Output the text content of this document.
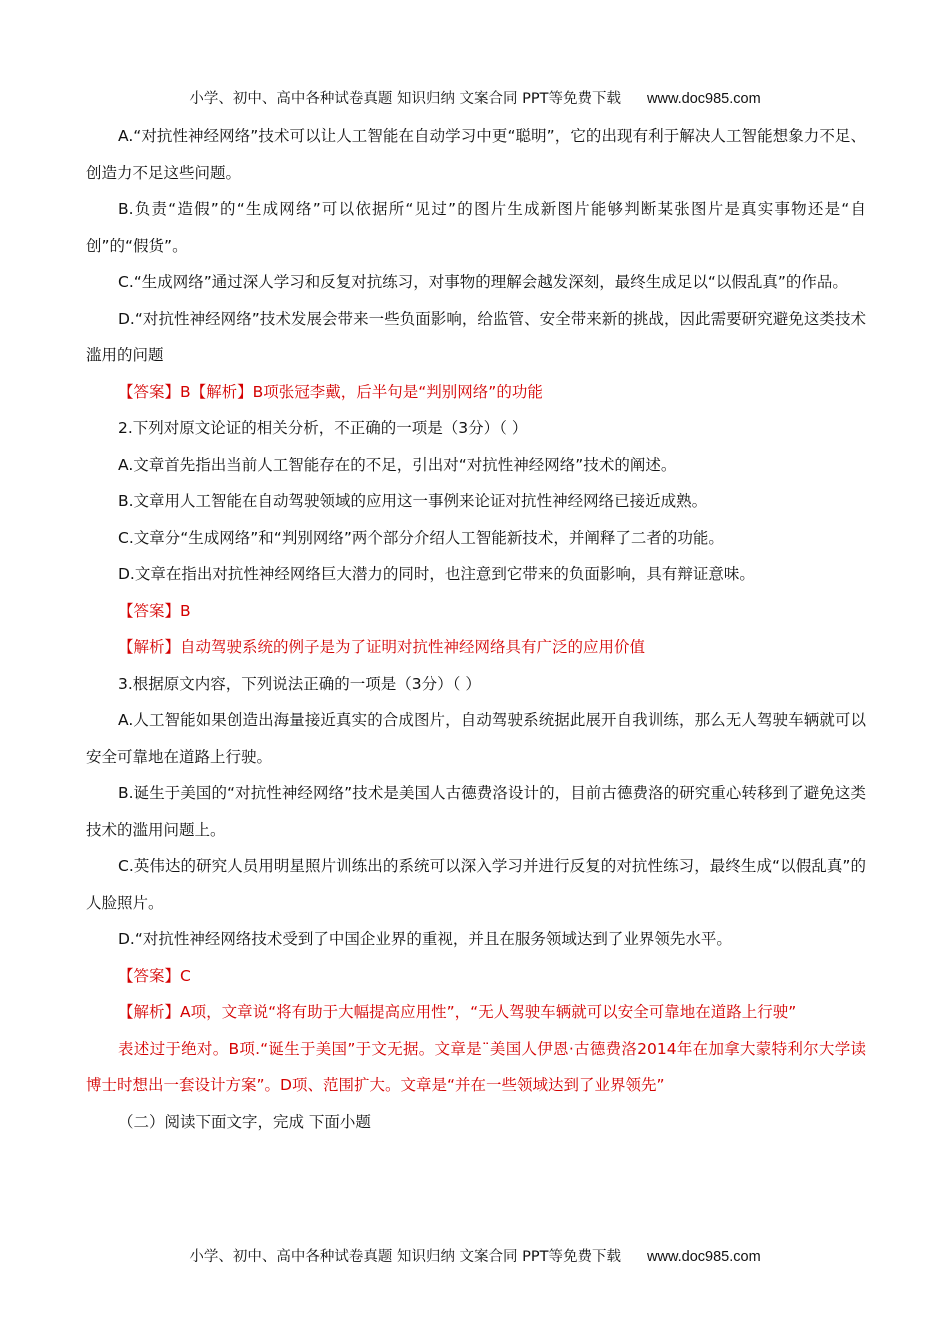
小学、初中、高中各种试卷真题 知识归纳 文案合同 PPT等免费下载 www.doc985.com

A.“对抗性神经网络”技术可以让人工智能在自动学习中更“聪明”，它的出现有利于解决人工智能想象力不足、创造力不足这些问题。

B.负责“造假”的“生成网络”可以依据所“见过”的图片生成新图片能够判断某张图片是真实事物还是“自创”的“假货”。

C.“生成网络”通过深人学习和反复对抗练习，对事物的理解会越发深刻，最终生成足以“以假乱真”的作品。

D.“对抗性神经网络”技术发展会带来一些负面影响，给监管、安全带来新的挑战，因此需要研究避免这类技术滥用的问题

【答案】B【解析】B项张冠李戴，后半句是“判别网络”的功能

2.下列对原文论证的相关分析，不正确的一项是（3分）（ ）

A.文章首先指出当前人工智能存在的不足，引出对“对抗性神经网络”技术的阐述。

B.文章用人工智能在自动驾驶领域的应用这一事例来论证对抗性神经网络已接近成熟。

C.文章分“生成网络”和“判别网络”两个部分介绍人工智能新技术，并阐释了二者的功能。

D.文章在指出对抗性神经网络巨大潜力的同时，也注意到它带来的负面影响，具有辩证意味。

【答案】B

【解析】自动驾驶系统的例子是为了证明对抗性神经网络具有广泛的应用价值

3.根据原文内容，下列说法正确的一项是（3分）（ ）

A.人工智能如果创造出海量接近真实的合成图片，自动驾驶系统据此展开自我训练，那么无人驾驶车辆就可以安全可靠地在道路上行驶。

B.诞生于美国的“对抗性神经网络”技术是美国人古德费洛设计的，目前古德费洛的研究重心转移到了避免这类技术的滥用问题上。

C.英伟达的研究人员用明星照片训练出的系统可以深入学习并进行反复的对抗性练习，最终生成“以假乱真”的人脸照片。

D.“对抗性神经网络技术受到了中国企业界的重视，并且在服务领域达到了业界领先水平。

【答案】C

【解析】A项，文章说“将有助于大幅提高应用性”，“无人驾驶车辆就可以安全可靠地在道路上行驶”

表述过于绝对。B项.“诞生于美国”于文无据。文章是¨美国人伊恩·古德费洛2014年在加拿大蒙特利尔大学读博士时想出一套设计方案”。D项、范围扩大。文章是“并在一些领域达到了业界领先”

（二）阅读下面文字，完成 下面小题

小学、初中、高中各种试卷真题 知识归纳 文案合同 PPT等免费下载 www.doc985.com
